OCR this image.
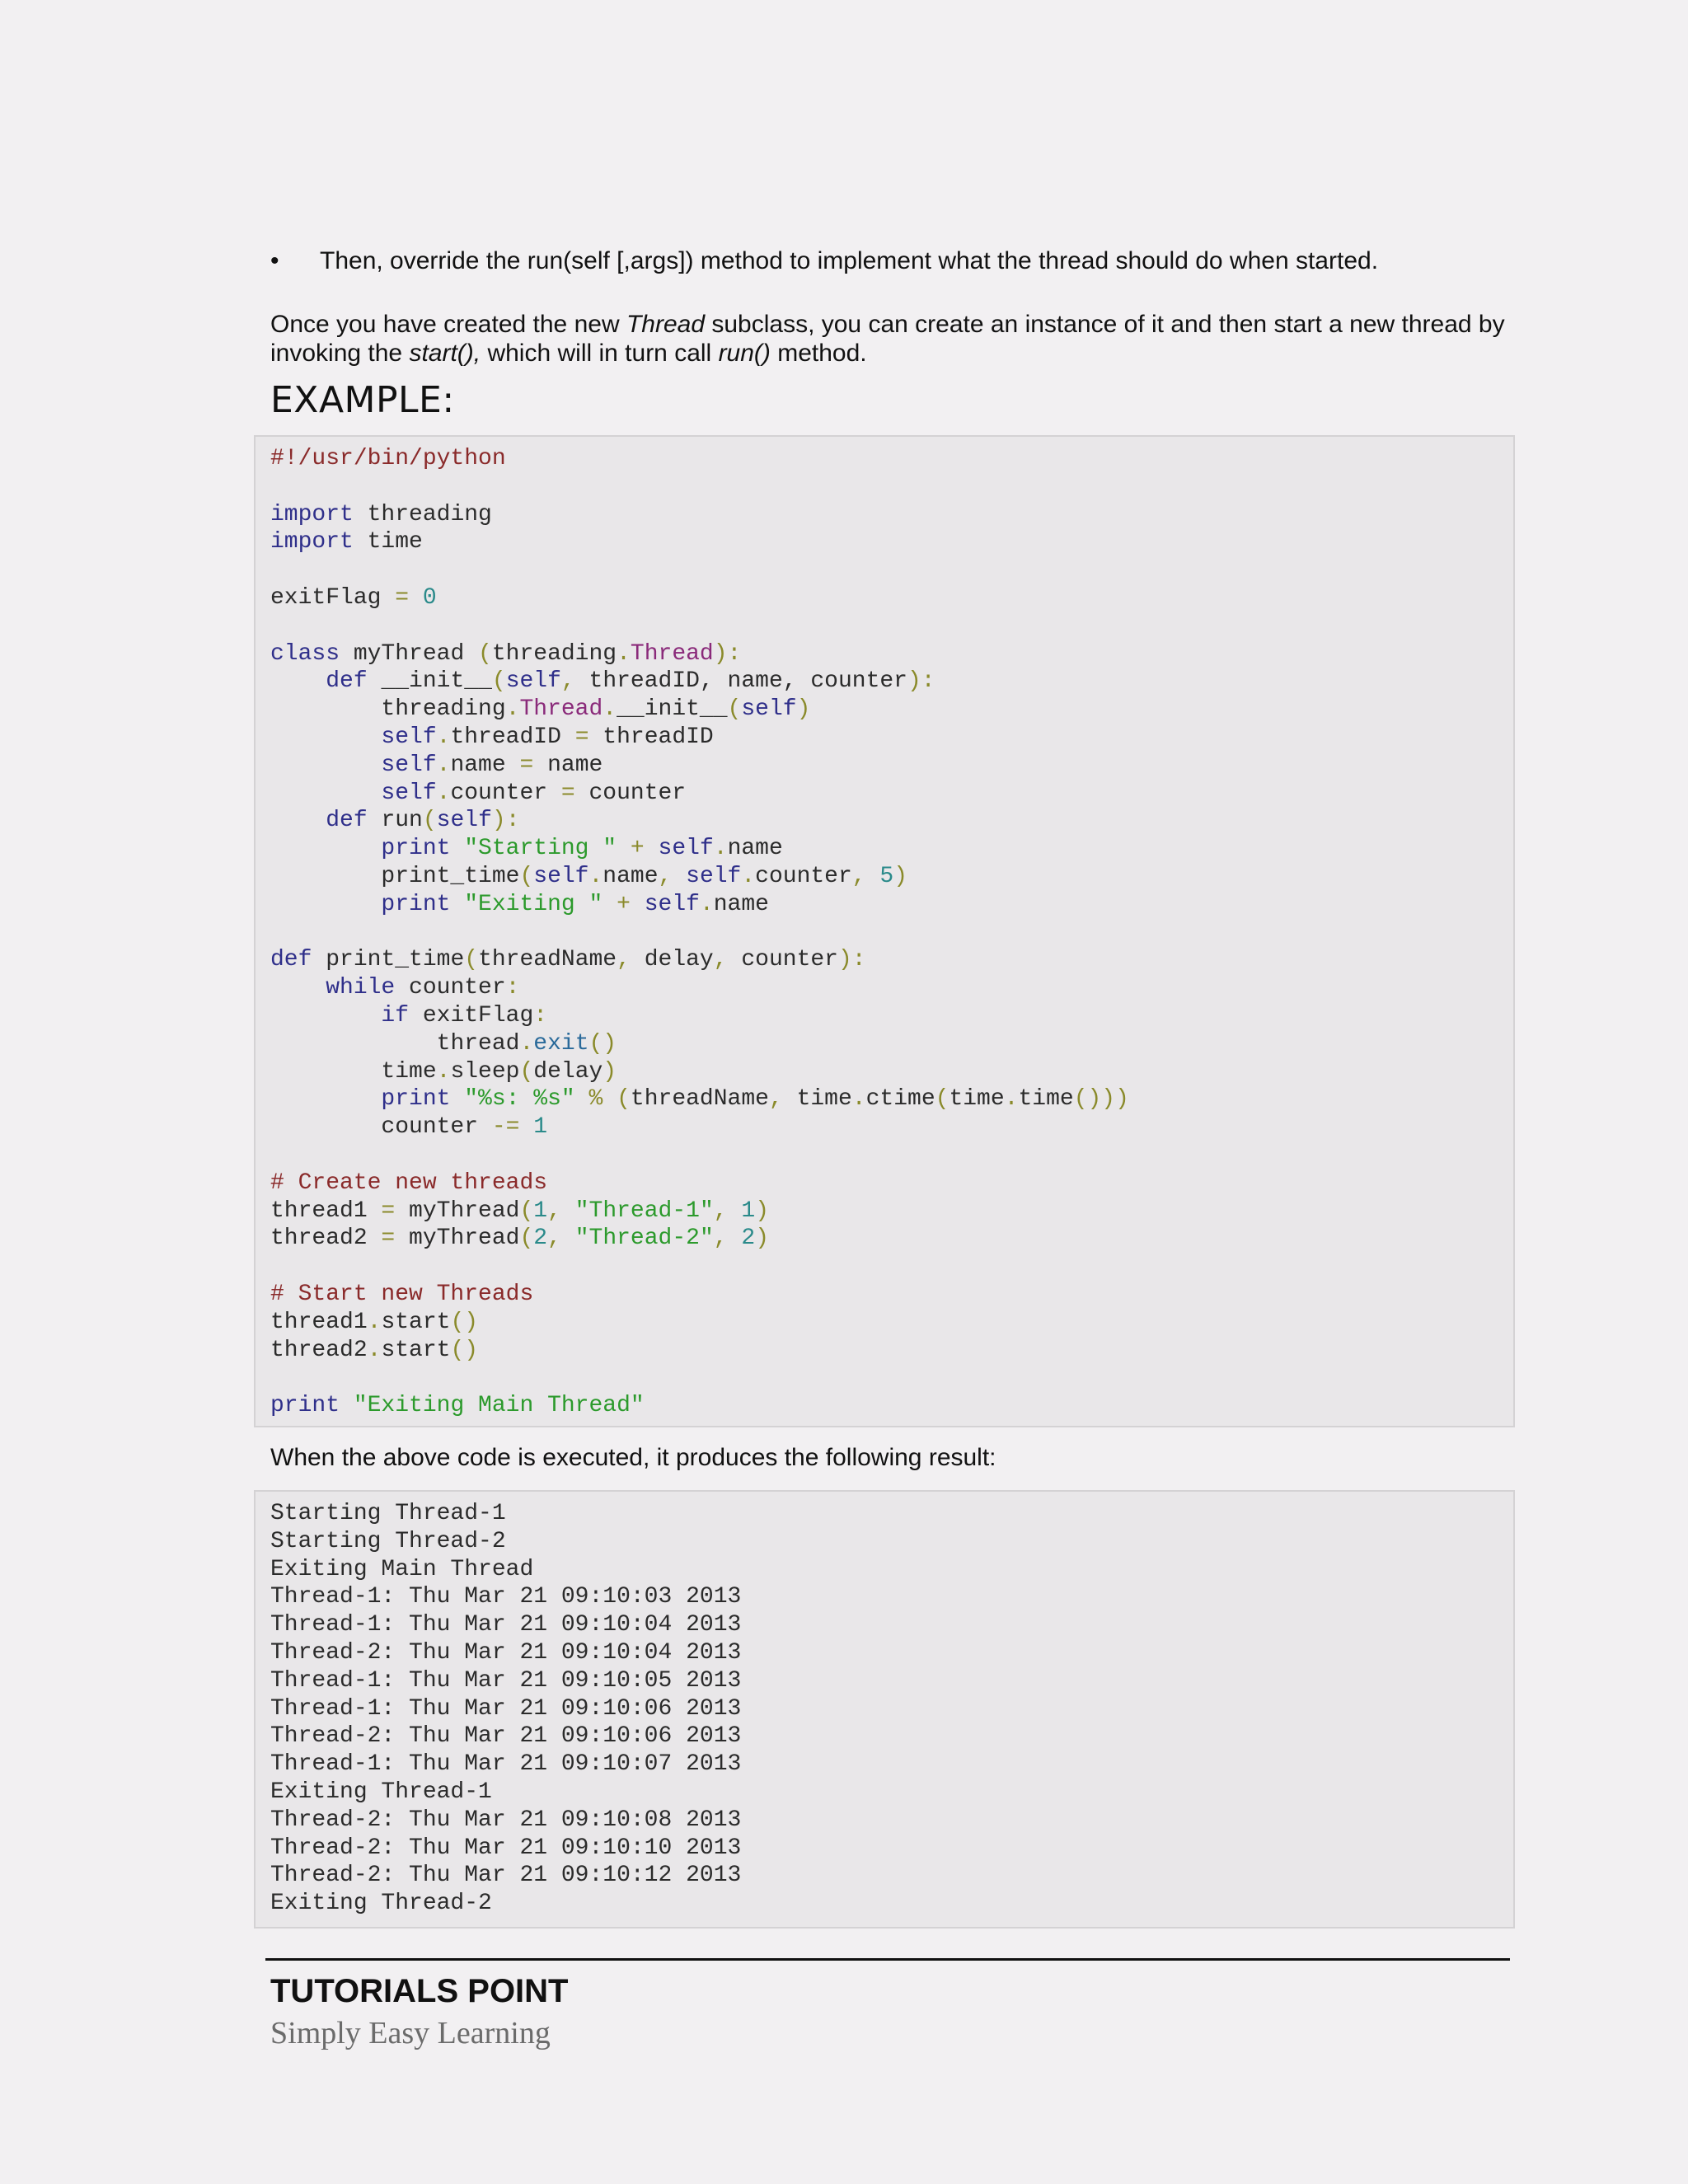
•	Then, override the run(self [,args]) method to implement what the thread should do when started.
Once you have created the new Thread subclass, you can create an instance of it and then start a new thread by invoking the start(), which will in turn call run() method.
EXAMPLE:
#!/usr/bin/python

import threading
import time

exitFlag = 0

class myThread (threading.Thread):
def __init__(self, threadID, name, counter):
threading.Thread.__init__(self)
self.threadID = threadID
self.name = name
self.counter = counter
def run(self):
print "Starting " + self.name
print_time(self.name, self.counter, 5)
print "Exiting " + self.name

def print_time(threadName, delay, counter):
while counter:
if exitFlag:
thread.exit()
time.sleep(delay)
print "%s: %s" % (threadName, time.ctime(time.time()))
counter -= 1

# Create new threads
thread1 = myThread(1, "Thread-1", 1)
thread2 = myThread(2, "Thread-2", 2)

# Start new Threads
thread1.start()
thread2.start()

print "Exiting Main Thread"
When the above code is executed, it produces the following result:
Starting Thread-1
Starting Thread-2
Exiting Main Thread
Thread-1: Thu Mar 21 09:10:03 2013
Thread-1: Thu Mar 21 09:10:04 2013
Thread-2: Thu Mar 21 09:10:04 2013
Thread-1: Thu Mar 21 09:10:05 2013
Thread-1: Thu Mar 21 09:10:06 2013
Thread-2: Thu Mar 21 09:10:06 2013
Thread-1: Thu Mar 21 09:10:07 2013
Exiting Thread-1
Thread-2: Thu Mar 21 09:10:08 2013
Thread-2: Thu Mar 21 09:10:10 2013
Thread-2: Thu Mar 21 09:10:12 2013
Exiting Thread-2
TUTORIALS POINT
Simply Easy Learning
